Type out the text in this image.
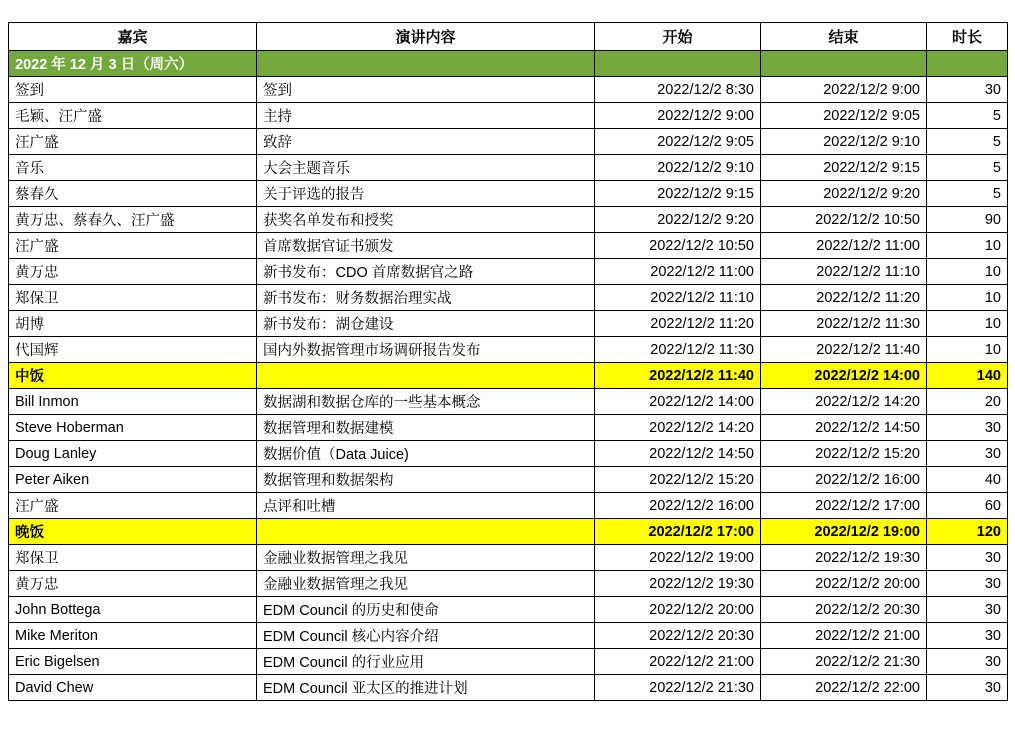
嘉宾	演讲内容	开始	结束	时长
2022 年 12 月 3 日（周六）				
签到	签到	2022/12/2 8:30	2022/12/2 9:00	30
毛颖、汪广盛	主持	2022/12/2 9:00	2022/12/2 9:05	5
汪广盛	致辞	2022/12/2 9:05	2022/12/2 9:10	5
音乐	大会主题音乐	2022/12/2 9:10	2022/12/2 9:15	5
蔡春久	关于评选的报告	2022/12/2 9:15	2022/12/2 9:20	5
黄万忠、蔡春久、汪广盛	获奖名单发布和授奖	2022/12/2 9:20	2022/12/2 10:50	90
汪广盛	首席数据官证书颁发	2022/12/2 10:50	2022/12/2 11:00	10
黄万忠	新书发布：CDO 首席数据官之路	2022/12/2 11:00	2022/12/2 11:10	10
郑保卫	新书发布：财务数据治理实战	2022/12/2 11:10	2022/12/2 11:20	10
胡博	新书发布：湖仓建设	2022/12/2 11:20	2022/12/2 11:30	10
代国辉	国内外数据管理市场调研报告发布	2022/12/2 11:30	2022/12/2 11:40	10
中饭		2022/12/2 11:40	2022/12/2 14:00	140
Bill Inmon	数据湖和数据仓库的一些基本概念	2022/12/2 14:00	2022/12/2 14:20	20
Steve Hoberman	数据管理和数据建模	2022/12/2 14:20	2022/12/2 14:50	30
Doug Lanley	数据价值（Data Juice)	2022/12/2 14:50	2022/12/2 15:20	30
Peter Aiken	数据管理和数据架构	2022/12/2 15:20	2022/12/2 16:00	40
汪广盛	点评和吐槽	2022/12/2 16:00	2022/12/2 17:00	60
晚饭		2022/12/2 17:00	2022/12/2 19:00	120
郑保卫	金融业数据管理之我见	2022/12/2 19:00	2022/12/2 19:30	30
黄万忠	金融业数据管理之我见	2022/12/2 19:30	2022/12/2 20:00	30
John Bottega	EDM Council 的历史和使命	2022/12/2 20:00	2022/12/2 20:30	30
Mike Meriton	EDM Council 核心内容介绍	2022/12/2 20:30	2022/12/2 21:00	30
Eric Bigelsen	EDM Council 的行业应用	2022/12/2 21:00	2022/12/2 21:30	30
David Chew	EDM Council 亚太区的推进计划	2022/12/2 21:30	2022/12/2 22:00	30
